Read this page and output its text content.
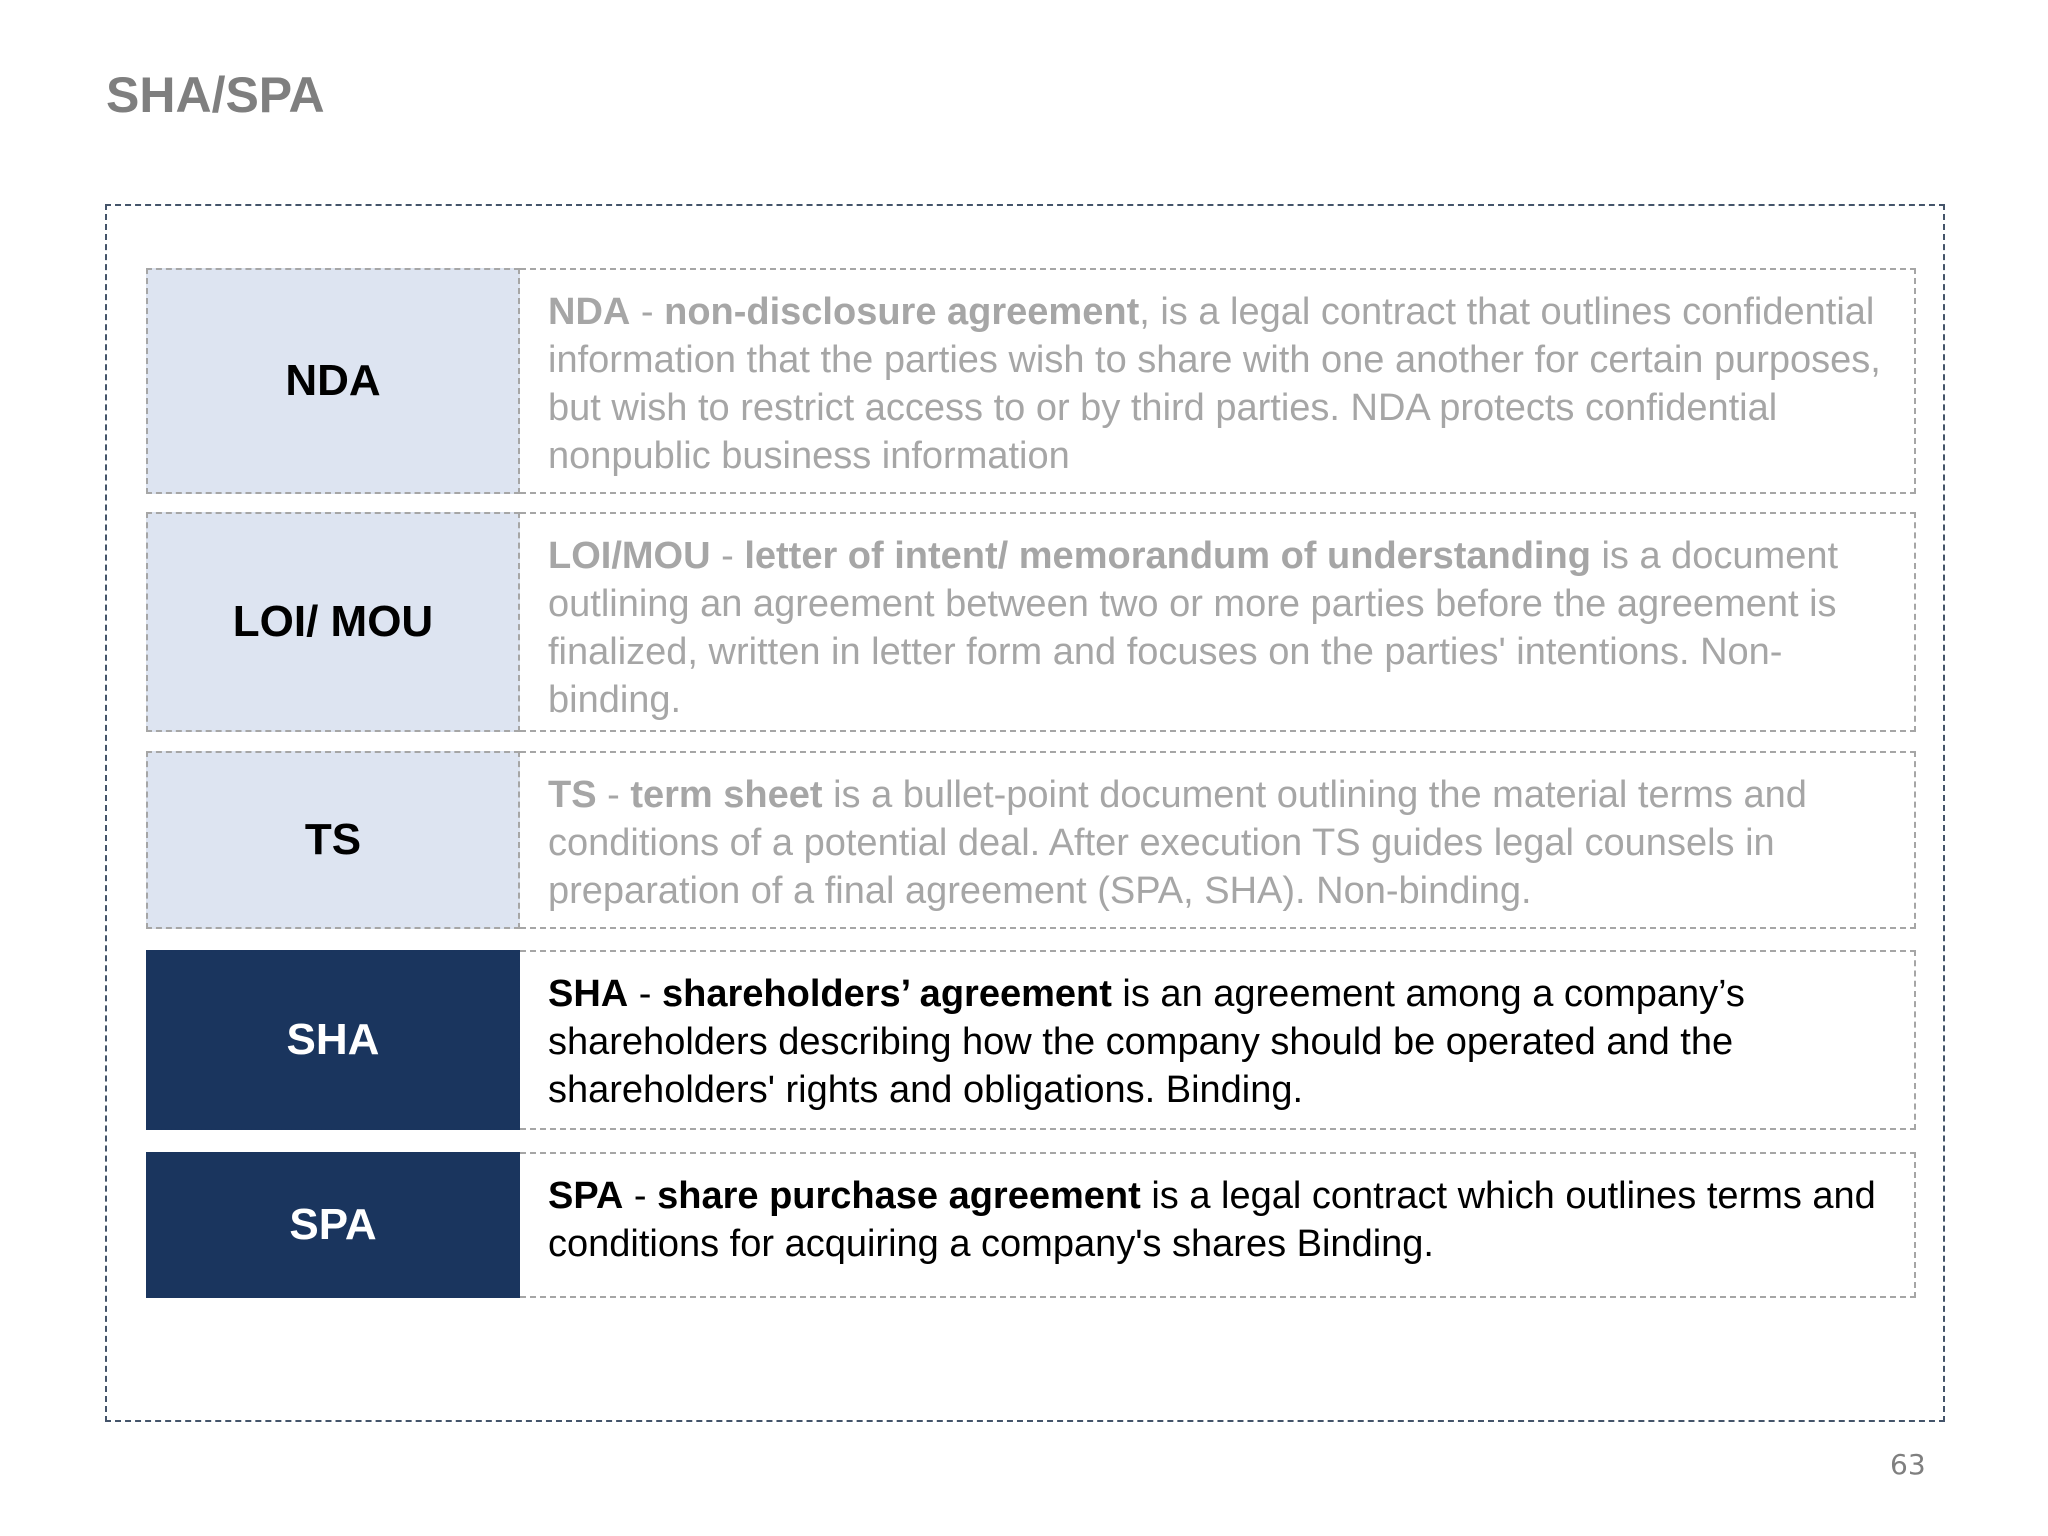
SHA/SPA
NDA

NDA - non-disclosure agreement, is a legal contract that outlines confidential information that the parties wish to share with one another for certain purposes, but wish to restrict access to or by third parties. NDA protects confidential nonpublic business information

LOI/ MOU

LOI/MOU - letter of intent/ memorandum of understanding is a document outlining an agreement between two or more parties before the agreement is finalized, written in letter form and focuses on the parties' intentions. Non-binding.

TS

TS - term sheet is a bullet-point document outlining the material terms and conditions of a potential deal. After execution TS guides legal counsels in preparation of a final agreement (SPA, SHA). Non-binding.

SHA

SHA - shareholders’ agreement is an agreement among a company’s shareholders describing how the company should be operated and the shareholders' rights and obligations. Binding.

SPA

SPA - share purchase agreement is a legal contract which outlines terms and conditions for acquiring a company's shares Binding.

63
